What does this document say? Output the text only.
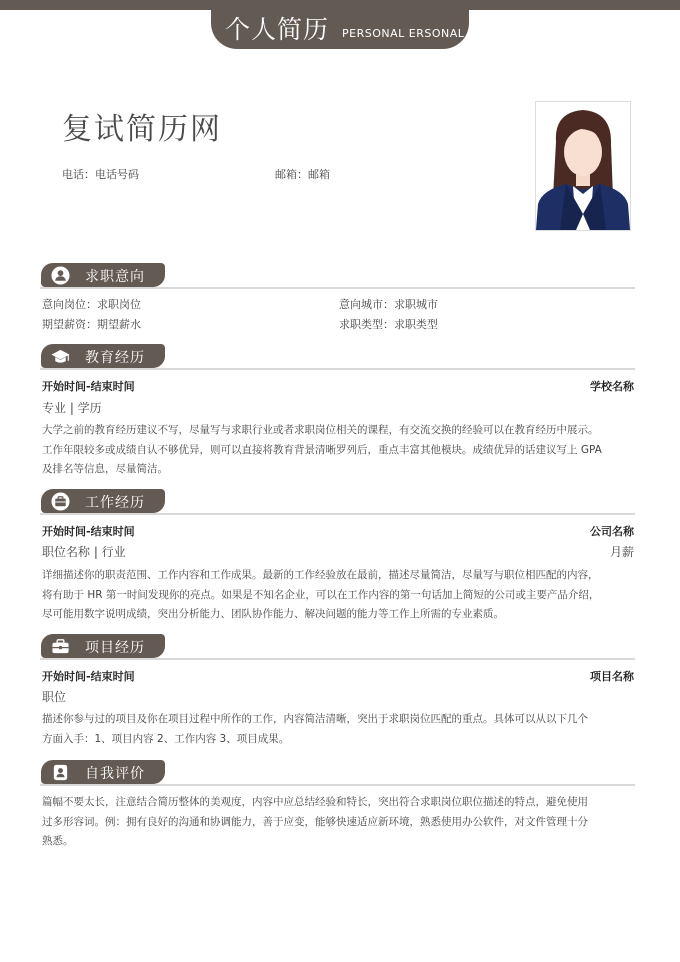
个人简历 PERSONAL ERSONAL
复试简历网
电话：电话号码	邮箱：邮箱
求职意向
意向岗位：求职岗位	意向城市：求职城市
期望薪资：期望薪水	求职类型：求职类型
教育经历
开始时间-结束时间	学校名称
专业 | 学历
大学之前的教育经历建议不写，尽量写与求职行业或者求职岗位相关的课程，有交流交换的经验可以在教育经历中展示。
工作年限较多或成绩自认不够优异，则可以直接将教育背景清晰罗列后，重点丰富其他模块。成绩优异的话建议写上 GPA
及排名等信息，尽量简洁。
工作经历
开始时间-结束时间	公司名称
职位名称 | 行业	月薪
详细描述你的职责范围、工作内容和工作成果。最新的工作经验放在最前，描述尽量简洁，尽量写与职位相匹配的内容，
将有助于 HR 第一时间发现你的亮点。如果是不知名企业，可以在工作内容的第一句话加上简短的公司或主要产品介绍，
尽可能用数字说明成绩，突出分析能力、团队协作能力、解决问题的能力等工作上所需的专业素质。
项目经历
开始时间-结束时间	项目名称
职位
描述你参与过的项目及你在项目过程中所作的工作，内容简洁清晰，突出于求职岗位匹配的重点。具体可以从以下几个
方面入手：1、项目内容 2、工作内容 3、项目成果。
自我评价
篇幅不要太长，注意结合简历整体的美观度，内容中应总结经验和特长，突出符合求职岗位职位描述的特点，避免使用
过多形容词。例：拥有良好的沟通和协调能力，善于应变，能够快速适应新环境，熟悉使用办公软件，对文件管理十分
熟悉。
